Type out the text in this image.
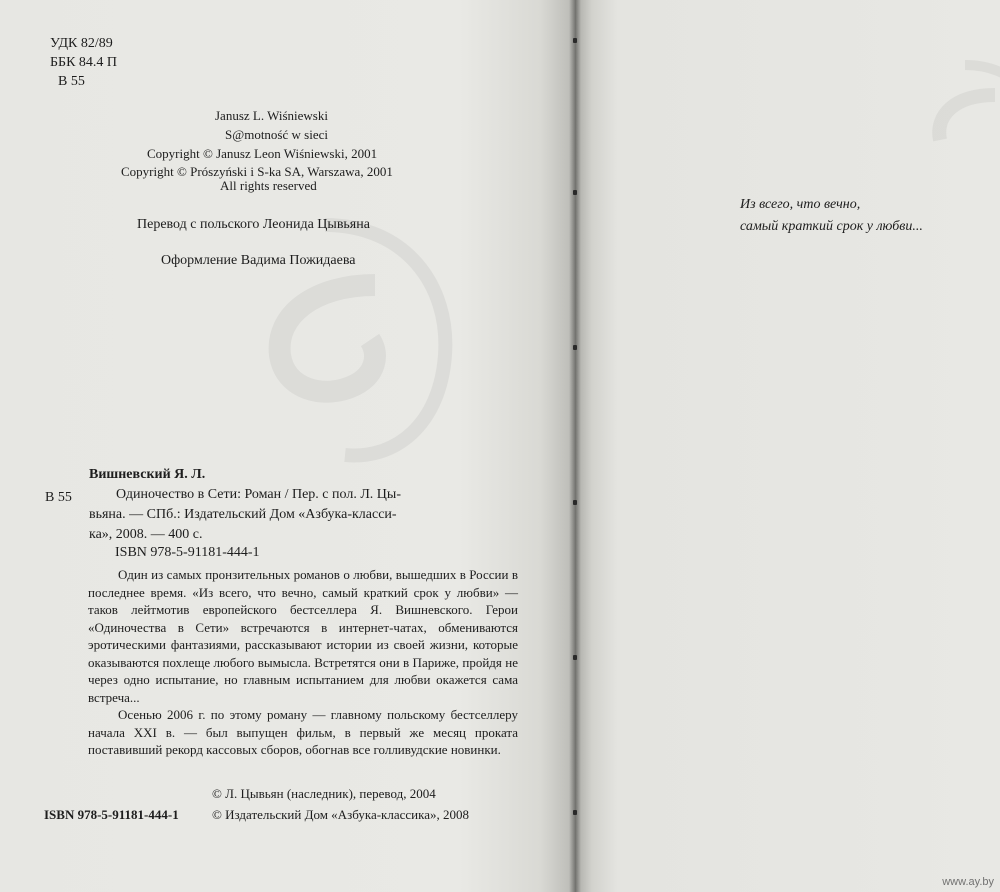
УДК 82/89
ББК 84.4 П
В 55
Janusz L. Wiśniewski
S@motność w sieci
Copyright © Janusz Leon Wiśniewski, 2001
Copyright © Prószyński i S-ka SA, Warszawa, 2001
All rights reserved
Перевод с польского Леонида Цывьяна
Оформление Вадима Пожидаева
Вишневский Я. Л.
В 55	Одиночество в Сети: Роман / Пер. с пол. Л. Цы-
вьяна. — СПб.: Издательский Дом «Азбука-класси-
ка», 2008. — 400 с.
ISBN 978-5-91181-444-1

Один из самых пронзительных романов о любви, вышедших в России в последнее время. «Из всего, что вечно, самый краткий срок у любви» — таков лейтмотив европейского бестселлера Я. Вишневского. Герои «Одиночества в Сети» встречаются в интернет-чатах, обмениваются эротическими фантазиями, рассказывают истории из своей жизни, которые оказываются похлеще любого вымысла. Встретятся они в Париже, пройдя не через одно испытание, но главным испытанием для любви окажется сама встреча...

Осенью 2006 г. по этому роману — главному польскому бестселлеру начала XXI в. — был выпущен фильм, в первый же месяц проката поставивший рекорд кассовых сборов, обогнав все голливудские новинки.

© Л. Цывьян (наследник), перевод, 2004
ISBN 978-5-91181-444-1	© Издательский Дом «Азбука-классика», 2008
Из всего, что вечно,
самый краткий срок у любви...
www.ay.by
